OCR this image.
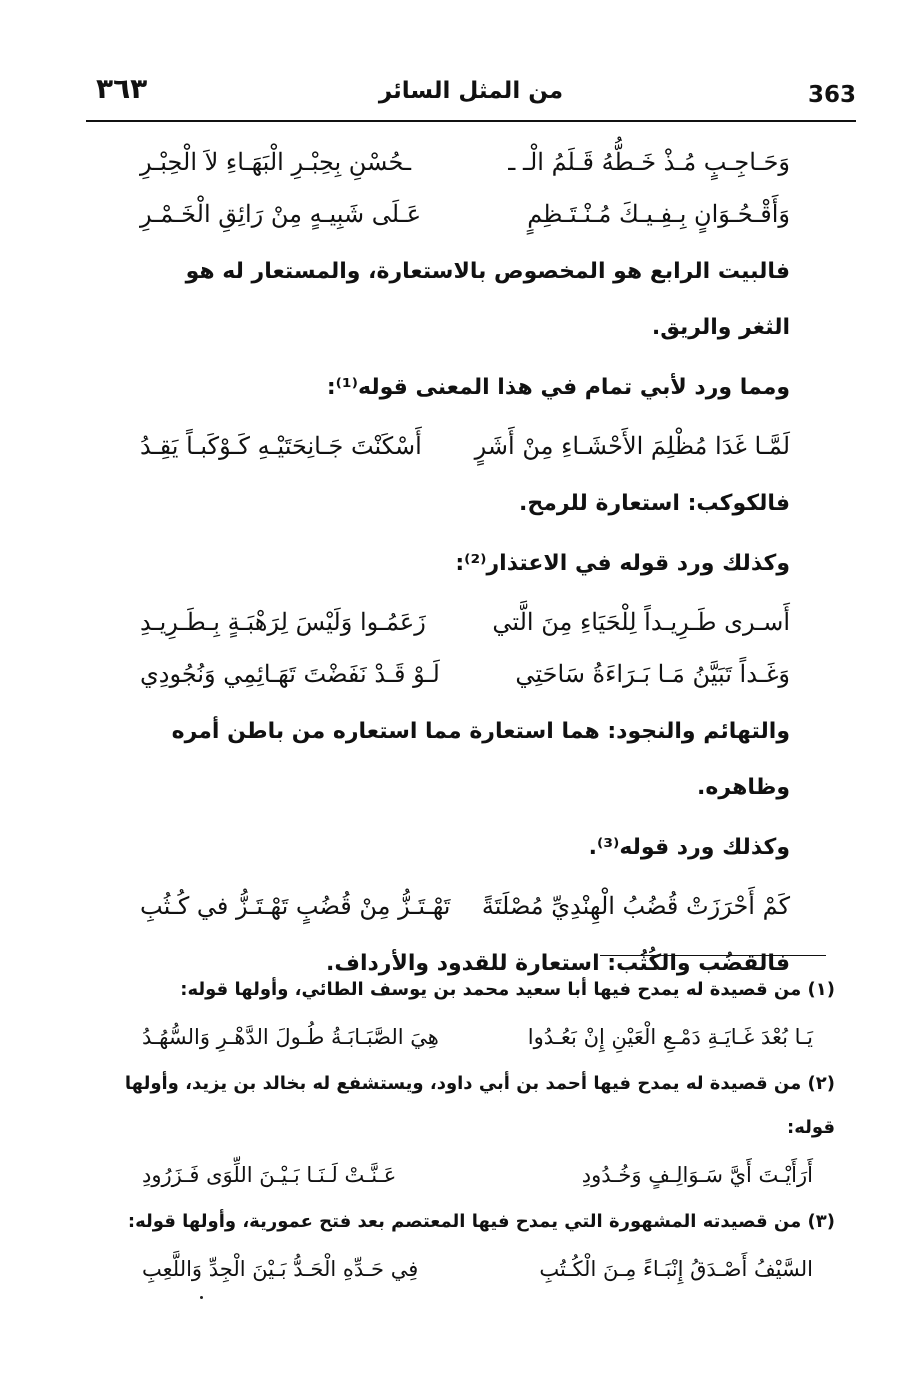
٣٦٣	من المثل السائر	363
وَحَـاجِـبٍ مُـذْ خَـطُّهُ قَـلَمُ الْـ ـ
ـحُسْنِ بِحِبْـرِ الْبَهَـاءِ لاَ الْحِبْـرِ
وَأَقْـحُـوَانٍ بِـفِـيـكَ مُـنْـتَـظِمٍ
عَـلَى شَبِيـهٍ مِنْ رَائِقِ الْخَـمْـرِ
فالبيت الرابع هو المخصوص بالاستعارة، والمستعار له هو الثغر والريق.
ومما ورد لأبي تمام في هذا المعنى قوله⁽¹⁾:
لَمَّـا غَدَا مُظْلِمَ الأَحْشَـاءِ مِنْ أَشَرٍ
أَسْكَنْتَ جَـانِحَتَيْـهِ كَـوْكَبـاً يَقِـدُ
فالكوكب: استعارة للرمح.
وكذلك ورد قوله في الاعتذار⁽²⁾:
أَسـرى طَـرِيـداً لِلْحَيَاءِ مِنَ الَّتي
زَعَمُـوا وَلَيْسَ لِرَهْبَـةٍ بِـطَـرِيـدِ
وَغَـداً تَبَيَّنُ مَـا بَـرَاءَةُ سَاحَتِي
لَـوْ قَـدْ نَفَضْتَ تَهَـائِمِي وَنُجُودِي
والتهائم والنجود: هما استعارة مما استعاره من باطن أمره وظاهره.
وكذلك ورد قوله⁽³⁾.
كَمْ أَحْرَزَتْ قُضُبُ الْهِنْدِيِّ مُصْلَتَةً
تَهْـتَـزُّ مِنْ قُضُبٍ تَهْـتَـزُّ في كُـثُبِ
فالقضُب والكُثُب: استعارة للقدود والأرداف.
(١) من قصيدة له يمدح فيها أبا سعيد محمد بن يوسف الطائي، وأولها قوله:
يَـا بُعْدَ غَـايَـةِ دَمْـعِ الْعَيْنِ إِنْ بَعُـدُوا
هِيَ الصَّبَـابَـةُ طُـولَ الدَّهْـرِ وَالسُّهُـدُ
(٢) من قصيدة له يمدح فيها أحمد بن أبي داود، ويستشفع له بخالد بن يزيد، وأولها قوله:
أَرَأَيْـتَ أَيَّ سَـوَالِـفٍ وَخُـدُودِ
عَـنَّـتْ لَـنَـا بَـيْـنَ اللِّوَى فَـزَرُودِ
(٣) من قصيدته المشهورة التي يمدح فيها المعتصم بعد فتح عمورية، وأولها قوله:
السَّيْفُ أَصْـدَقُ إِنْبَـاءً مِـنَ الْكُـتُبِ
فِي حَـدِّهِ الْحَـدُّ بَـيْنَ الْجِدِّ وَاللَّعِبِ
